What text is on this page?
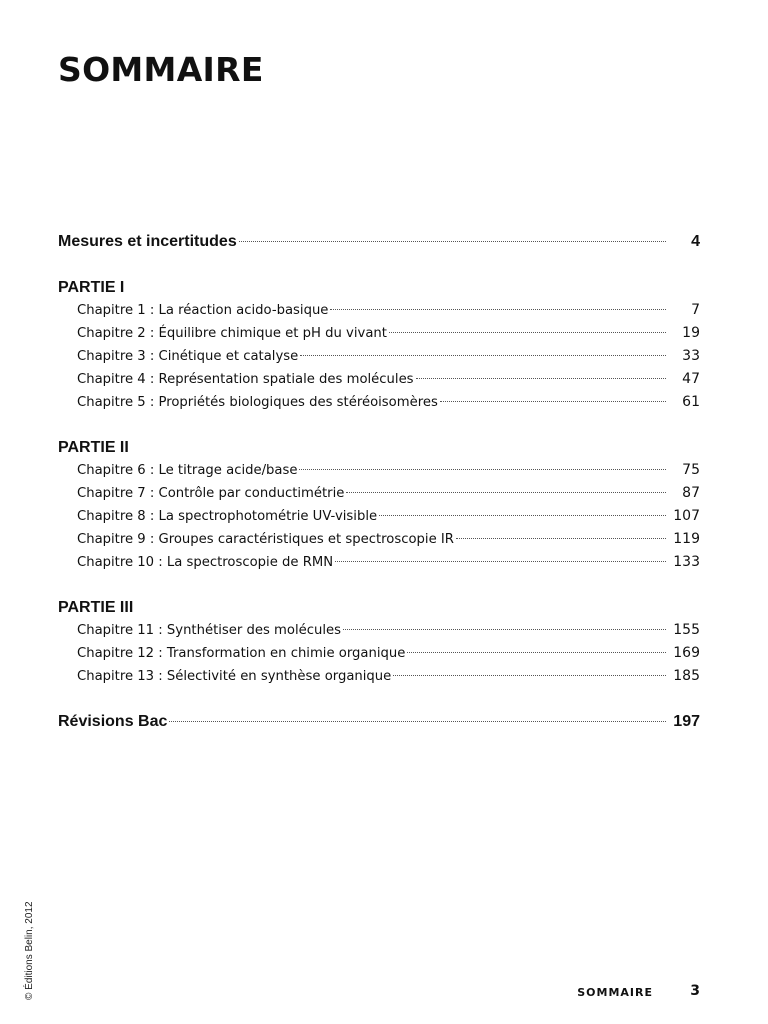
SOMMAIRE
Mesures et incertitudes	4
PARTIE I
Chapitre 1 : La réaction acido-basique	7
Chapitre 2 : Équilibre chimique et pH du vivant	19
Chapitre 3 : Cinétique et catalyse	33
Chapitre 4 : Représentation spatiale des molécules	47
Chapitre 5 : Propriétés biologiques des stéréoisomères	61
PARTIE II
Chapitre 6 : Le titrage acide/base	75
Chapitre 7 : Contrôle par conductimétrie	87
Chapitre 8 : La spectrophotométrie UV-visible	107
Chapitre 9 : Groupes caractéristiques et spectroscopie IR	119
Chapitre 10 : La spectroscopie de RMN	133
PARTIE III
Chapitre 11 : Synthétiser des molécules	155
Chapitre 12 : Transformation en chimie organique	169
Chapitre 13 : Sélectivité en synthèse organique	185
Révisions Bac	197
© Éditions Belin, 2012	SOMMAIRE	3
